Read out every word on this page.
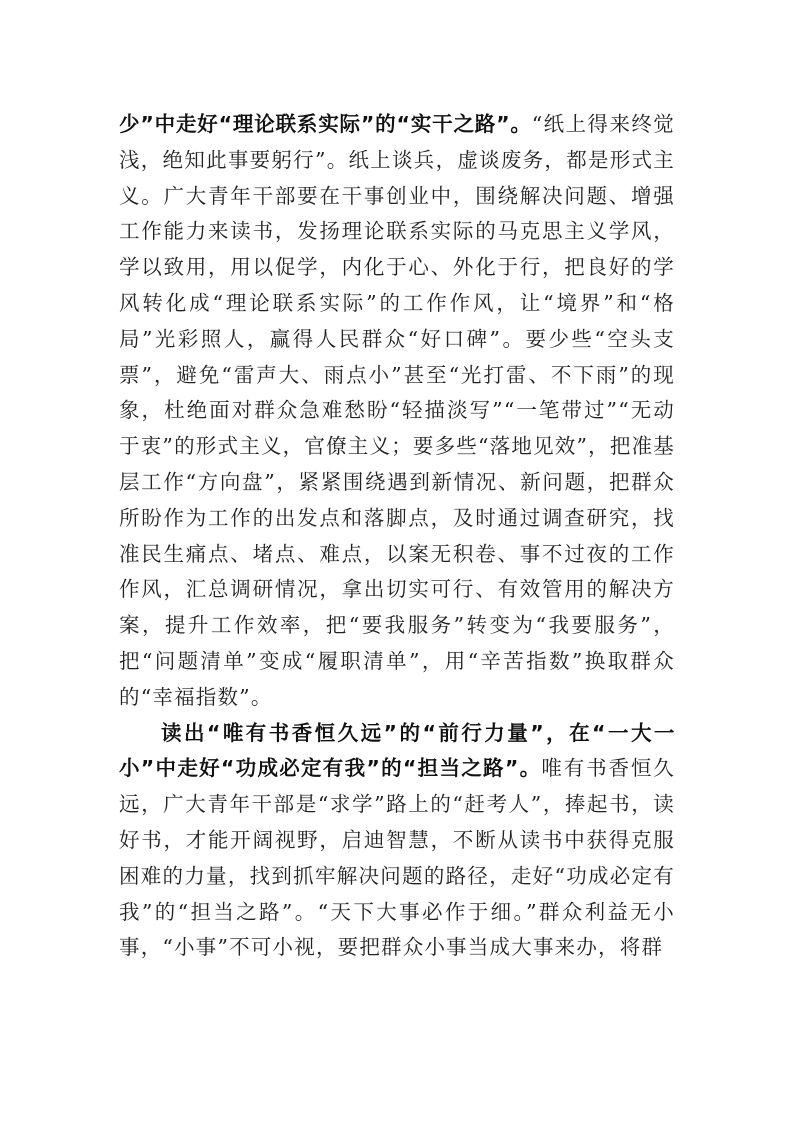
少”中走好“理论联系实际”的“实干之路”。“纸上得来终觉浅，绝知此事要躬行”。纸上谈兵，虚谈废务，都是形式主义。广大青年干部要在干事创业中，围绕解决问题、增强工作能力来读书，发扬理论联系实际的马克思主义学风，学以致用，用以促学，内化于心、外化于行，把良好的学风转化成“理论联系实际”的工作作风，让“境界”和“格局”光彩照人，赢得人民群众“好口碑”。要少些“空头支票”，避免“雷声大、雨点小”甚至“光打雷、不下雨”的现象，杜绝面对群众急难愁盼“轻描淡写”“一笔带过”“无动于衷”的形式主义，官僚主义；要多些“落地见效”，把准基层工作“方向盘”，紧紧围绕遇到新情况、新问题，把群众所盼作为工作的出发点和落脚点，及时通过调查研究，找准民生痛点、堵点、难点，以案无积卷、事不过夜的工作作风，汇总调研情况，拿出切实可行、有效管用的解决方案，提升工作效率，把“要我服务”转变为“我要服务”，把“问题清单”变成“履职清单”，用“辛苦指数”换取群众的“幸福指数”。

读出“唯有书香恒久远”的“前行力量”，在“一大一小”中走好“功成必定有我”的“担当之路”。唯有书香恒久远，广大青年干部是“求学”路上的“赶考人”，捧起书，读好书，才能开阔视野，启迪智慧，不断从读书中获得克服困难的力量，找到抓牢解决问题的路径，走好“功成必定有我”的“担当之路”。“天下大事必作于细。”群众利益无小事，“小事”不可小视，要把群众小事当成大事来办，将群
